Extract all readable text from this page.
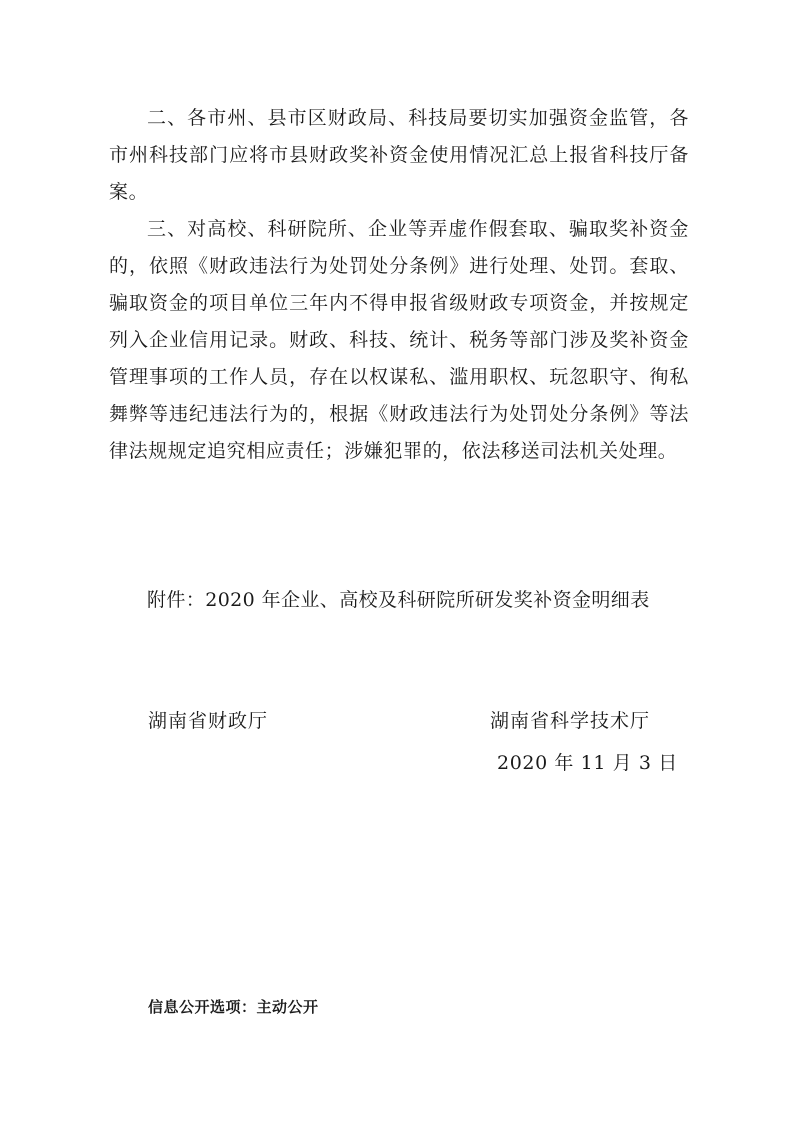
二、各市州、县市区财政局、科技局要切实加强资金监管，各市州科技部门应将市县财政奖补资金使用情况汇总上报省科技厅备案。

三、对高校、科研院所、企业等弄虚作假套取、骗取奖补资金的，依照《财政违法行为处罚处分条例》进行处理、处罚。套取、骗取资金的项目单位三年内不得申报省级财政专项资金，并按规定列入企业信用记录。财政、科技、统计、税务等部门涉及奖补资金管理事项的工作人员，存在以权谋私、滥用职权、玩忽职守、徇私舞弊等违纪违法行为的，根据《财政违法行为处罚处分条例》等法律法规规定追究相应责任；涉嫌犯罪的，依法移送司法机关处理。

附件：2020 年企业、高校及科研院所研发奖补资金明细表
湖南省财政厅	湖南省科学技术厅
2020 年 11 月 3 日
信息公开选项：主动公开
